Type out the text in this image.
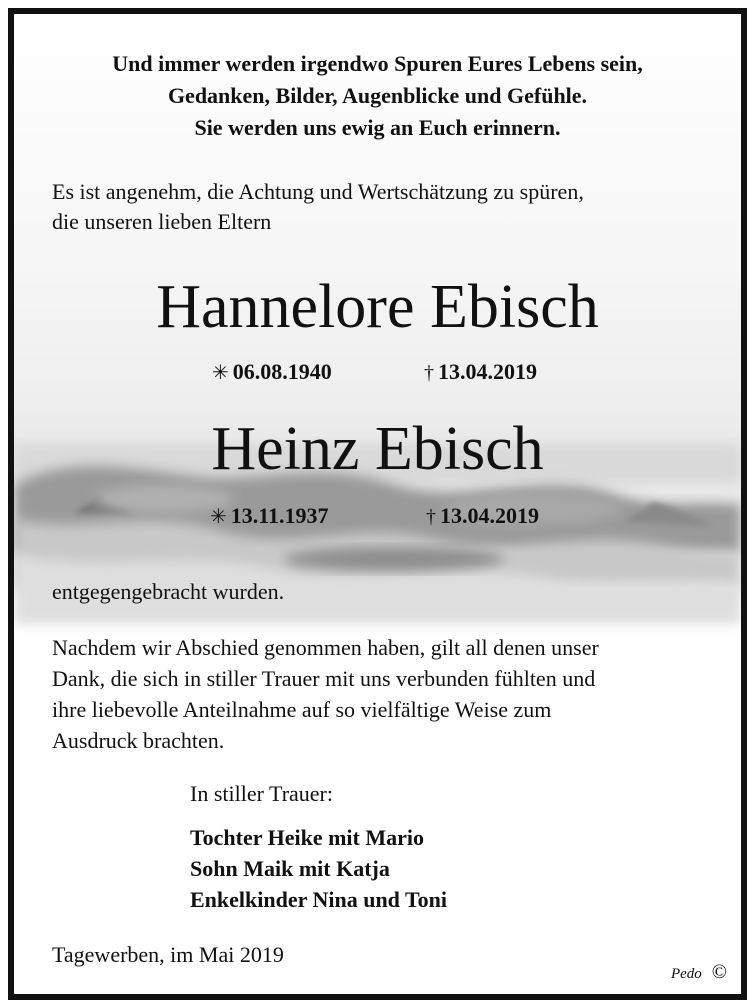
Und immer werden irgendwo Spuren Eures Lebens sein,
Gedanken, Bilder, Augenblicke und Gefühle.
Sie werden uns ewig an Euch erinnern.
Es ist angenehm, die Achtung und Wertschätzung zu spüren,
die unseren lieben Eltern
Hannelore Ebisch
✳ 06.08.1940	† 13.04.2019
Heinz Ebisch
✳ 13.11.1937	† 13.04.2019
entgegengebracht wurden.
Nachdem wir Abschied genommen haben, gilt all denen unser
Dank, die sich in stiller Trauer mit uns verbunden fühlten und
ihre liebevolle Anteilnahme auf so vielfältige Weise zum
Ausdruck brachten.
In stiller Trauer:
Tochter Heike mit Mario
Sohn Maik mit Katja
Enkelkinder Nina und Toni
Tagewerben, im Mai 2019
Pedo ©
